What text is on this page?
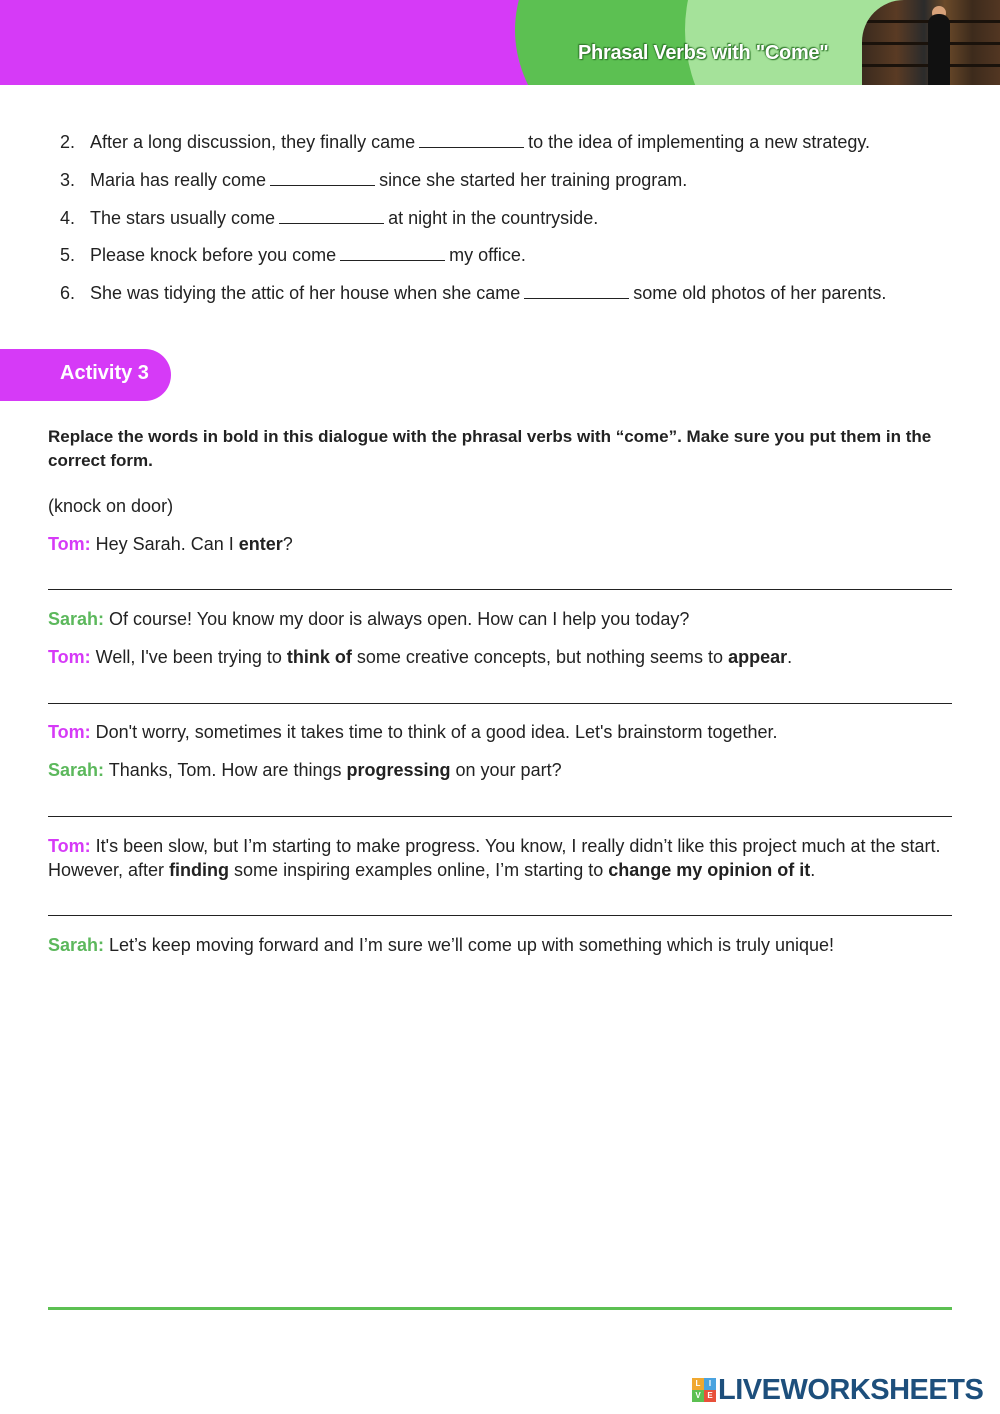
Phrasal Verbs with "Come"
2. After a long discussion, they finally came	to the idea of implementing a new strategy.
3. Maria has really come	since she started her training program.
4. The stars usually come	at night in the countryside.
5. Please knock before you come	my office.
6. She was tidying the attic of her house when she came	some old photos of her parents.
Activity 3
Replace the words in bold in this dialogue with the phrasal verbs with “come”. Make sure you put them in the correct form.
(knock on door)
Tom: Hey Sarah. Can I enter?
Sarah: Of course! You know my door is always open. How can I help you today?
Tom: Well, I've been trying to think of some creative concepts, but nothing seems to appear.
Tom: Don't worry, sometimes it takes time to think of a good idea. Let's brainstorm together.
Sarah: Thanks, Tom. How are things progressing on your part?
Tom: It's been slow, but I’m starting to make progress. You know, I really didn’t like this project much at the start. However, after finding some inspiring examples online, I’m starting to change my opinion of it.
Sarah: Let’s keep moving forward and I’m sure we’ll come up with something which is truly unique!
L	I
V E LIVEWORKSHEETS
